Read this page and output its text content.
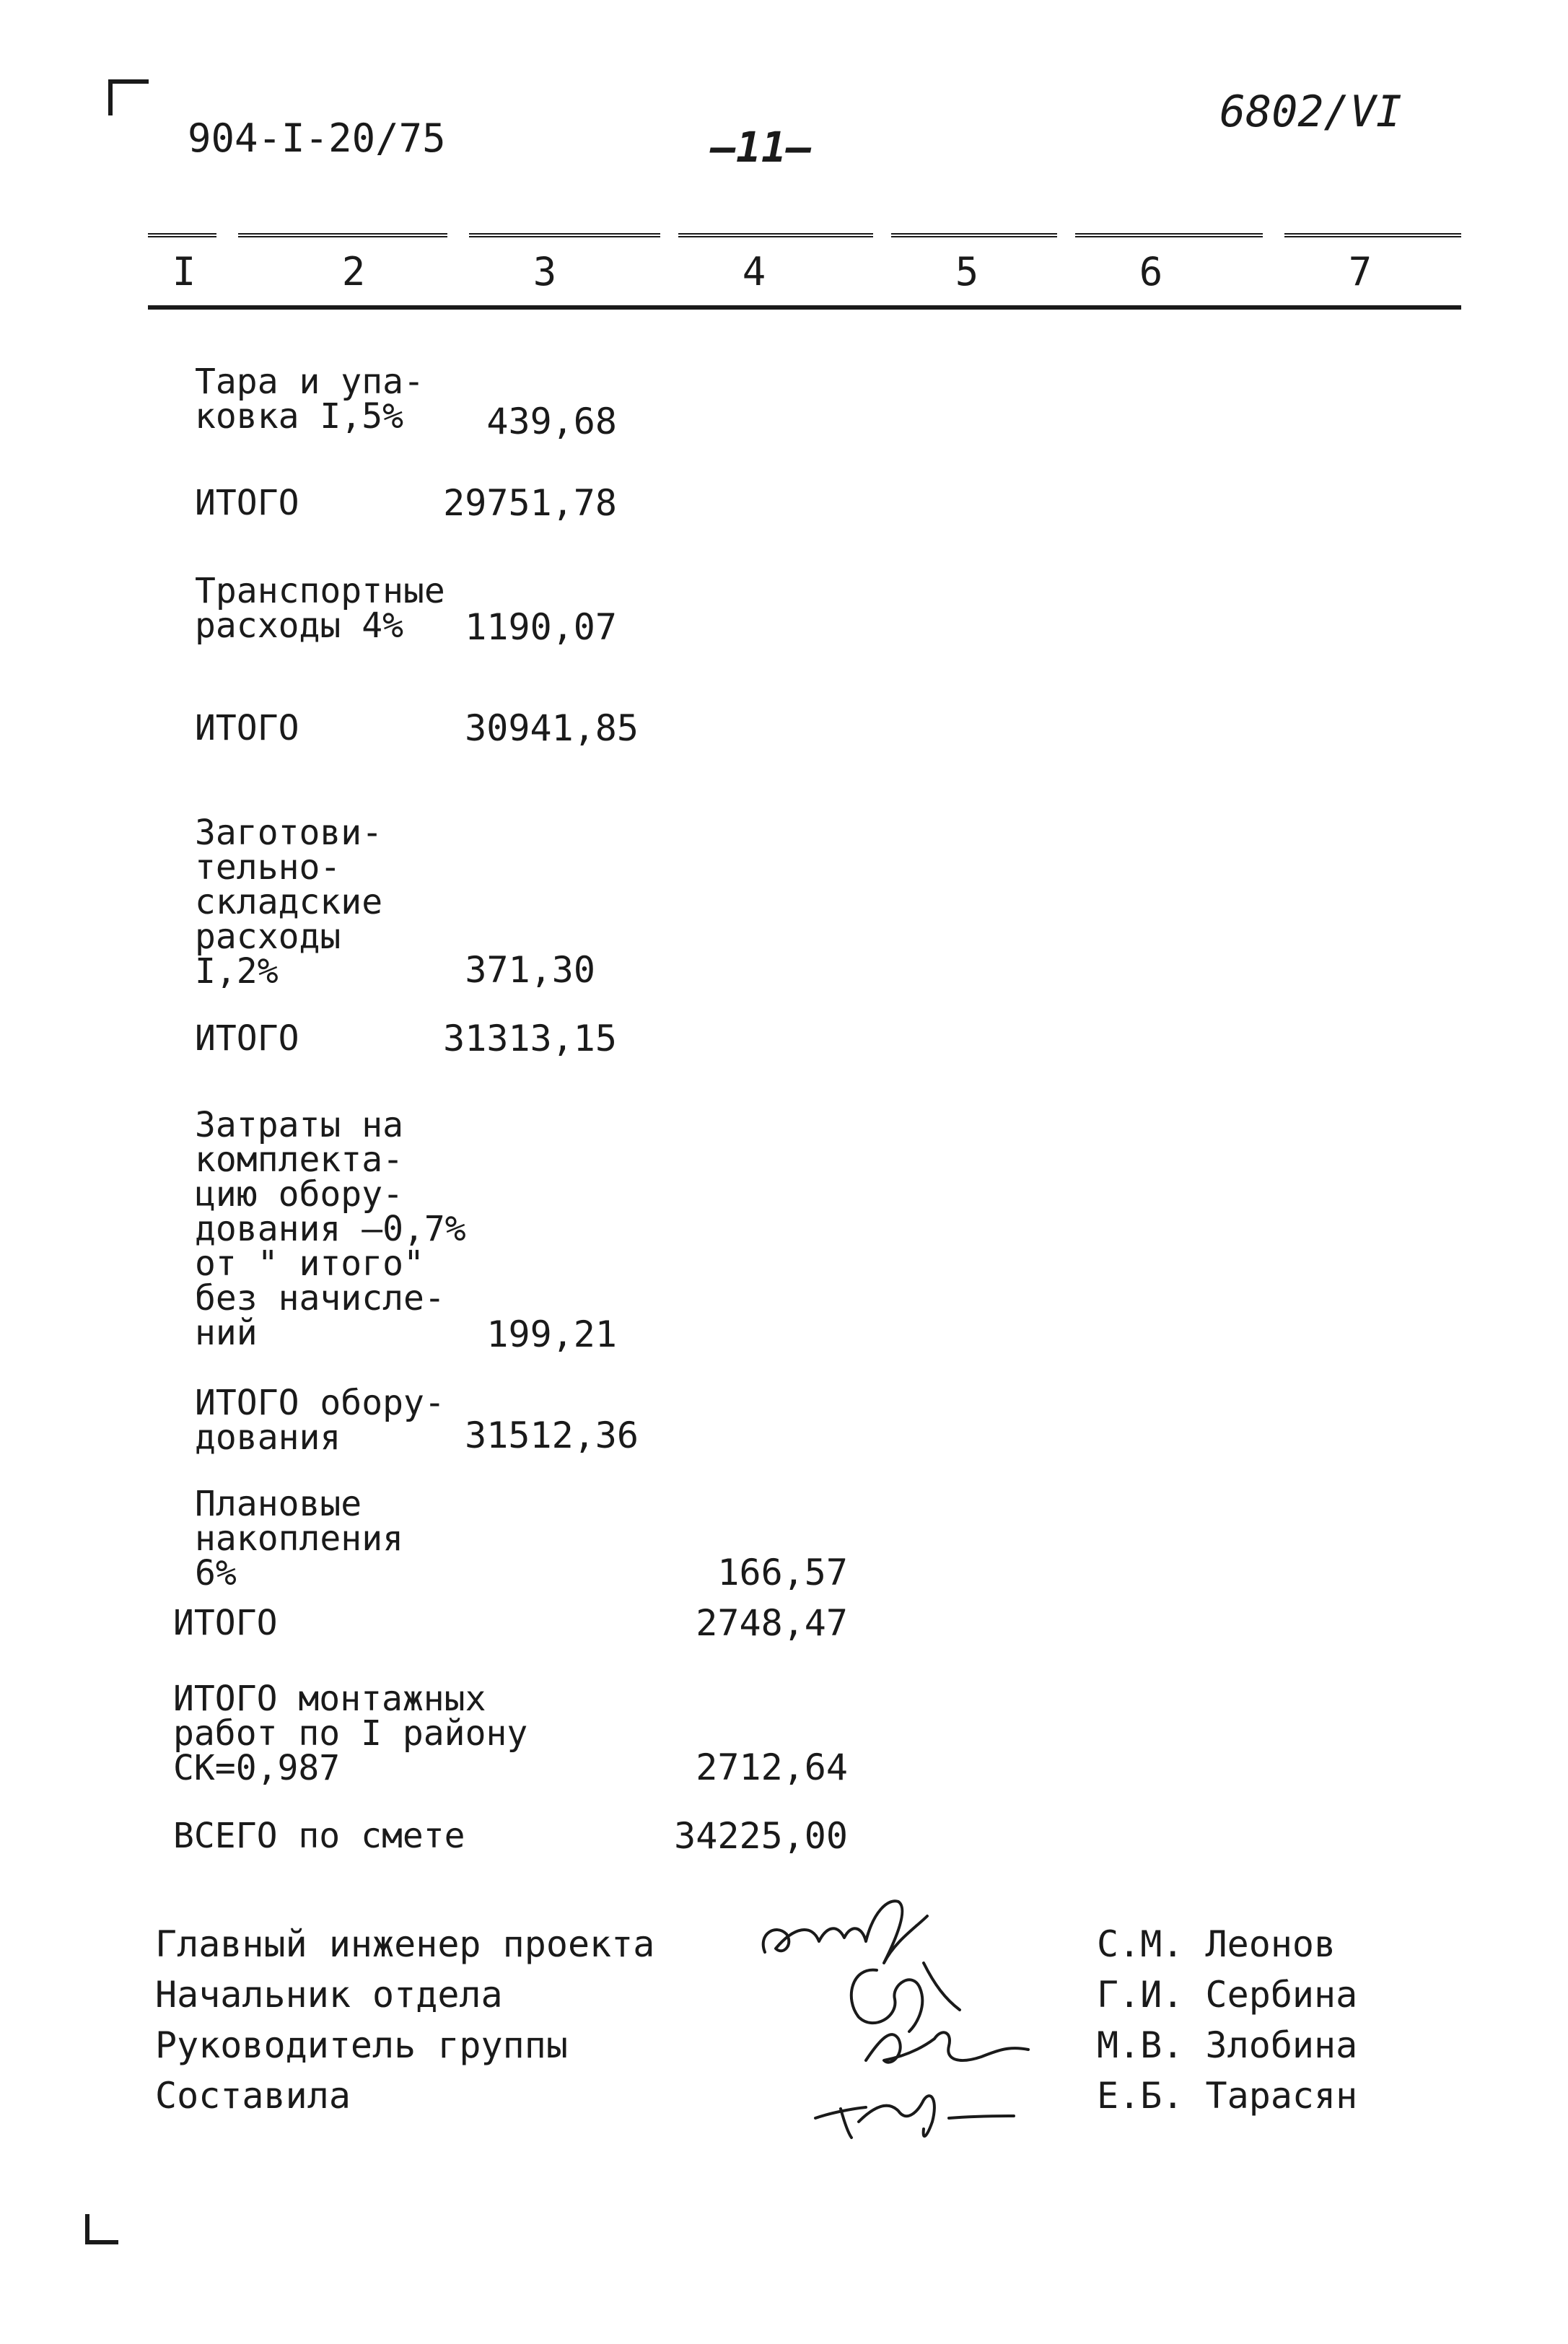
904-I-20/75	–11–
6802/VI
I	2	3	4	5	6	7
Тара и упа-
ковка I,5%	439,68
ИТОГО	29751,78
Транспортные
расходы 4%	1190,07
ИТОГО	30941,85
Заготови-
тельно-
складские
расходы
I,2%	371,30
ИТОГО	31313,15
Затраты на
комплекта-
цию обору-
дования –0,7%
от " итого"
без начисле-
ний	199,21
ИТОГО обору-
дования	31512,36
Плановые
накопления
6%	166,57
ИТОГО	2748,47
ИТОГО монтажных
работ по I району
СК=0,987	2712,64
ВСЕГО по смете	34225,00
Главный инженер проекта
Начальник отдела
Руководитель группы
Составила
С.М. Леонов
Г.И. Сербина
М.В. Злобина
Е.Б. Тарасян
